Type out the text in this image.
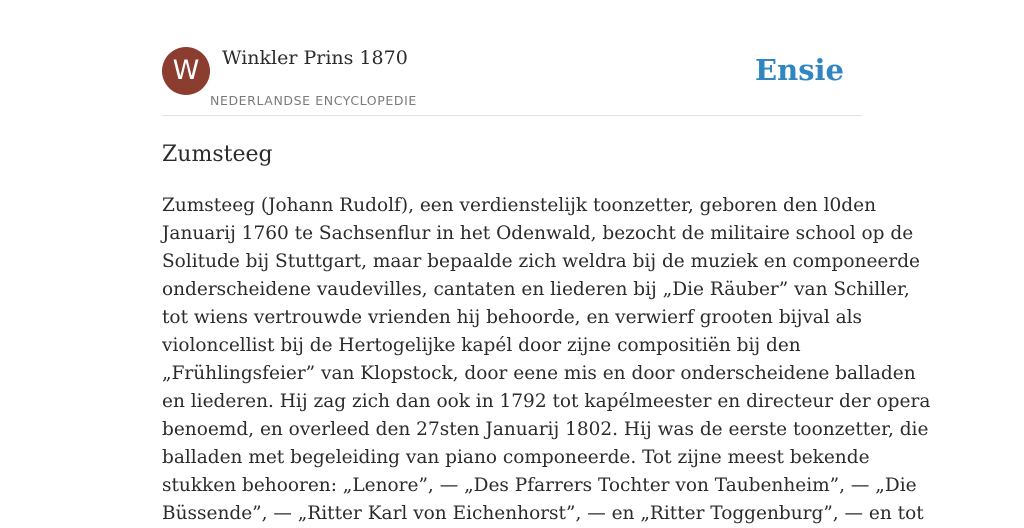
W	Winkler Prins 1870
NEDERLANDSE ENCYCLOPEDIE
Ensie
Zumsteeg
Zumsteeg (Johann Rudolf), een verdienstelijk toonzetter, geboren den l0den
Januarij 1760 te Sachsenflur in het Odenwald, bezocht de militaire school op de
Solitude bij Stuttgart, maar bepaalde zich weldra bij de muziek en componeerde
onderscheidene vaudevilles, cantaten en liederen bij „Die Räuber” van Schiller,
tot wiens vertrouwde vrienden hij behoorde, en verwierf grooten bijval als
violoncellist bij de Hertogelijke kapél door zijne compositiën bij den
„Frühlingsfeier” van Klopstock, door eene mis en door onderscheidene balladen
en liederen. Hij zag zich dan ook in 1792 tot kapélmeester en directeur der opera
benoemd, en overleed den 27sten Januarij 1802. Hij was de eerste toonzetter, die
balladen met begeleiding van piano componeerde. Tot zijne meest bekende
stukken behooren: „Lenore”, — „Des Pfarrers Tochter von Taubenheim”, — „Die
Büssende”, — „Ritter Karl von Eichenhorst”, — en „Ritter Toggenburg”, — en tot
